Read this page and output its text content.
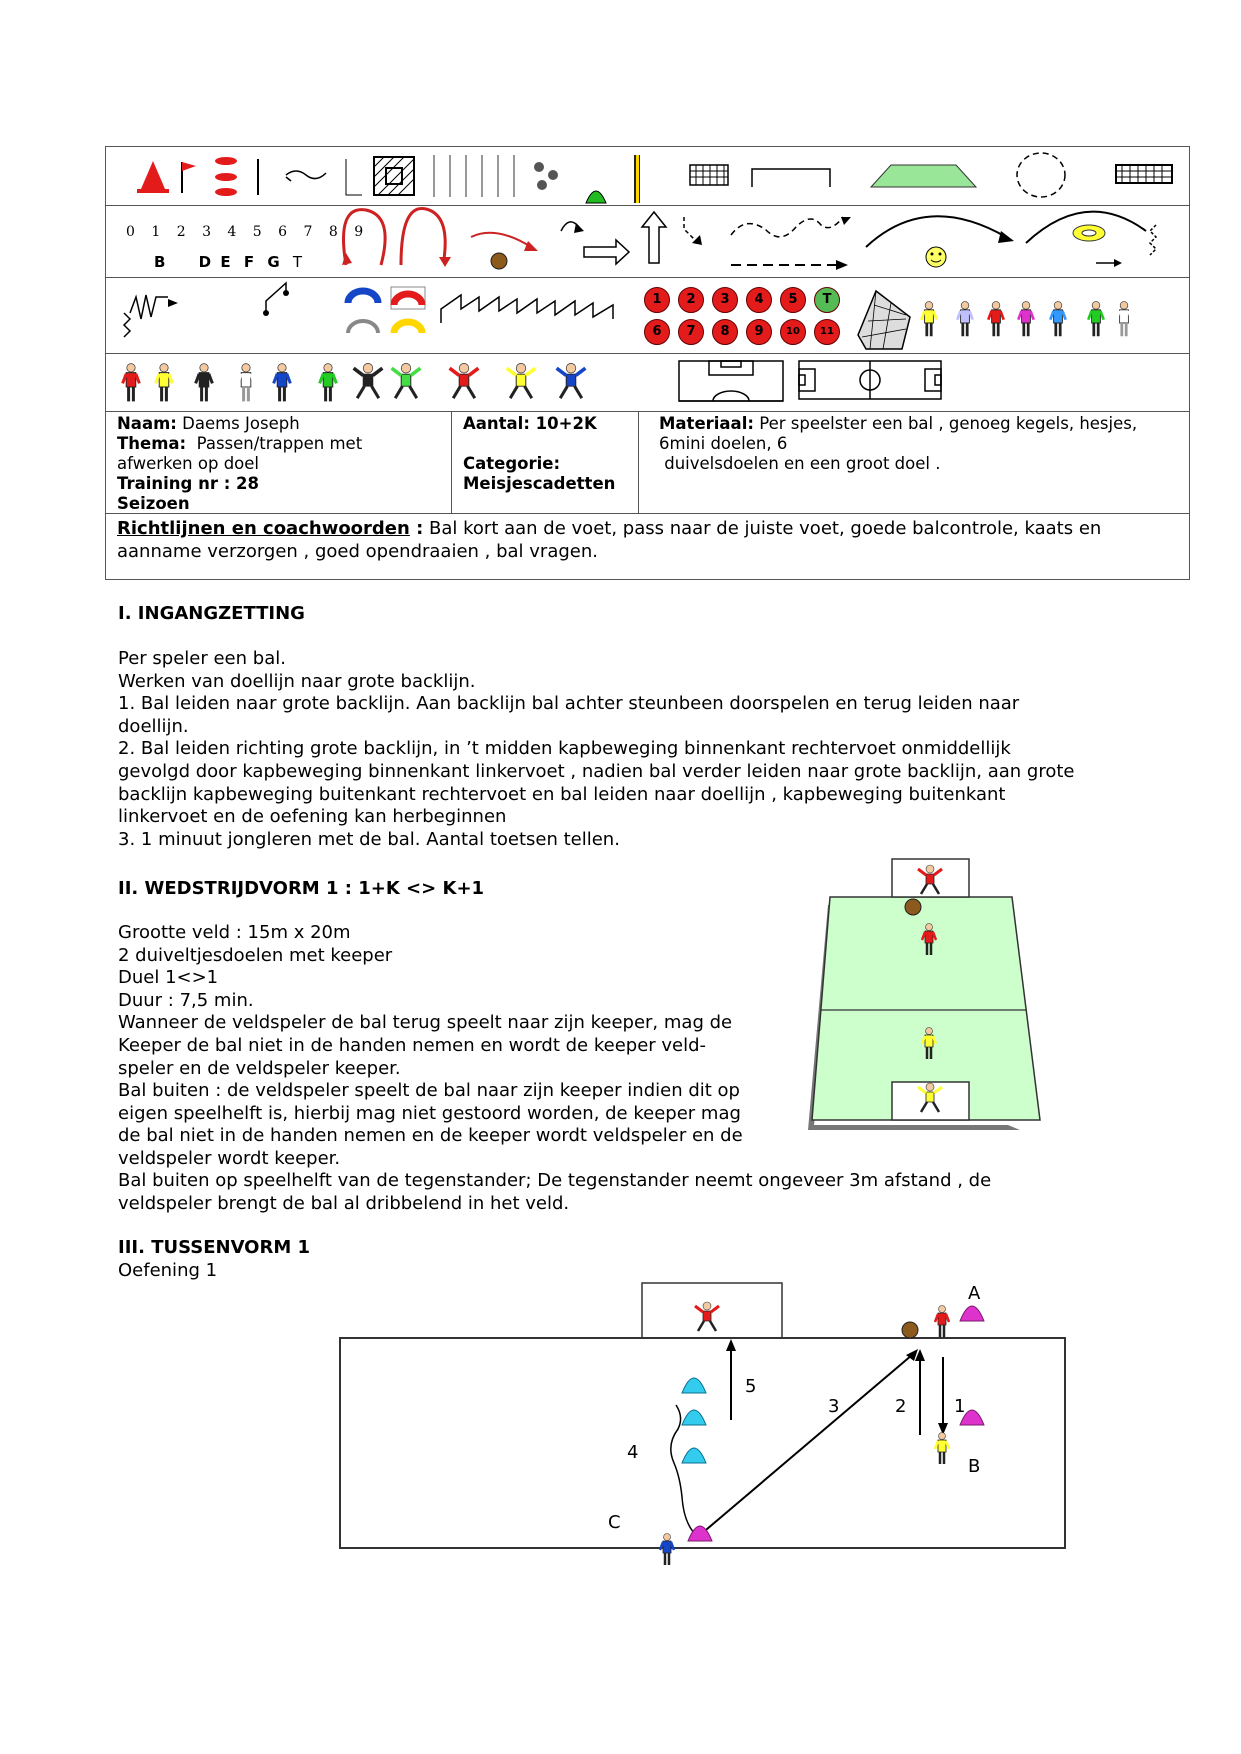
0 1 2 3 4 5 6 7 8 9
B D E F G T
1	2	3	4	5	T
6	7	8	9	10	11
Naam: Daems Joseph
Thema: Passen/trappen met
afwerken op doel
Training nr : 28
Seizoen
Aantal: 10+2K

Categorie:
Meisjescadetten
Materiaal: Per speelster een bal , genoeg kegels, hesjes,
6mini doelen, 6
duivelsdoelen en een groot doel .
Richtlijnen en coachwoorden : Bal kort aan de voet, pass naar de juiste voet, goede balcontrole, kaats en
aanname verzorgen , goed opendraaien , bal vragen.
I. INGANGZETTING
Per speler een bal.
Werken van doellijn naar grote backlijn.
1. Bal leiden naar grote backlijn. Aan backlijn bal achter steunbeen doorspelen en terug leiden naar
doellijn.
2. Bal leiden richting grote backlijn, in ’t midden kapbeweging binnenkant rechtervoet onmiddellijk
gevolgd door kapbeweging binnenkant linkervoet , nadien bal verder leiden naar grote backlijn, aan grote
backlijn kapbeweging buitenkant rechtervoet en bal leiden naar doellijn , kapbeweging buitenkant
linkervoet en de oefening kan herbeginnen
3. 1 minuut jongleren met de bal. Aantal toetsen tellen.
II. WEDSTRIJDVORM 1 : 1+K <> K+1
Grootte veld : 15m x 20m
2 duiveltjesdoelen met keeper
Duel 1<>1
Duur : 7,5 min.
Wanneer de veldspeler de bal terug speelt naar zijn keeper, mag de
Keeper de bal niet in de handen nemen en wordt de keeper veld-
speler en de veldspeler keeper.
Bal buiten : de veldspeler speelt de bal naar zijn keeper indien dit op
eigen speelhelft is, hierbij mag niet gestoord worden, de keeper mag
de bal niet in de handen nemen en de keeper wordt veldspeler en de
veldspeler wordt keeper.
Bal buiten op speelhelft van de tegenstander; De tegenstander neemt ongeveer 3m afstand , de
veldspeler brengt de bal al dribbelend in het veld.
III. TUSSENVORM 1
Oefening 1
A
B
C
1
2
3
4
5
